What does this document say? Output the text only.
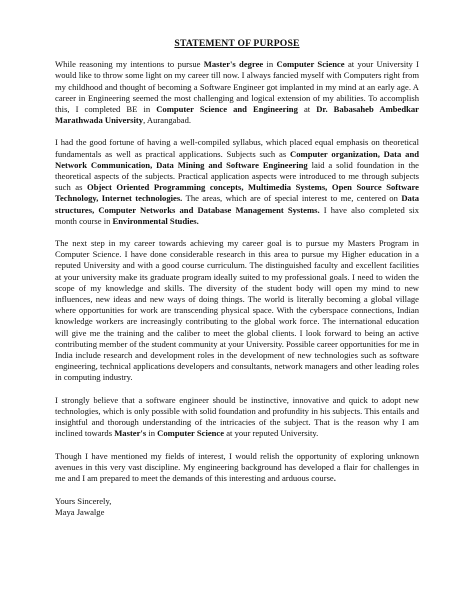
STATEMENT OF PURPOSE

While reasoning my intentions to pursue Master's degree in Computer Science at your University I would like to throw some light on my career till now. I always fancied myself with Computers right from my childhood and thought of becoming a Software Engineer got implanted in my mind at an early age. A career in Engineering seemed the most challenging and logical extension of my abilities. To accomplish this, I completed BE in Computer Science and Engineering at Dr. Babasaheb Ambedkar Marathwada University, Aurangabad.

I had the good fortune of having a well-compiled syllabus, which placed equal emphasis on theoretical fundamentals as well as practical applications. Subjects such as Computer organization, Data and Network Communication, Data Mining and Software Engineering laid a solid foundation in the theoretical aspects of the subjects. Practical application aspects were introduced to me through subjects such as Object Oriented Programming concepts, Multimedia Systems, Open Source Software Technology, Internet technologies. The areas, which are of special interest to me, centered on Data structures, Computer Networks and Database Management Systems. I have also completed six month course in Environmental Studies.

The next step in my career towards achieving my career goal is to pursue my Masters Program in Computer Science. I have done considerable research in this area to pursue my Higher education in a reputed University and with a good course curriculum. The distinguished faculty and excellent facilities at your university make its graduate program ideally suited to my professional goals. I need to widen the scope of my knowledge and skills. The diversity of the student body will open my mind to new influences, new ideas and new ways of doing things. The world is literally becoming a global village where opportunities for work are transcending physical space. With the cyberspace connections, Indian knowledge workers are increasingly contributing to the global work force. The international education will give me the training and the caliber to meet the global clients. I look forward to being an active contributing member of the student community at your University. Possible career opportunities for me in India include research and development roles in the development of new technologies such as software engineering, technical applications developers and consultants, network managers and other leading roles in computing industry.

I strongly believe that a software engineer should be instinctive, innovative and quick to adopt new technologies, which is only possible with solid foundation and profundity in his subjects. This entails and insightful and thorough understanding of the intricacies of the subject. That is the reason why I am inclined towards Master's in Computer Science at your reputed University.

Though I have mentioned my fields of interest, I would relish the opportunity of exploring unknown avenues in this very vast discipline. My engineering background has developed a flair for challenges in me and I am prepared to meet the demands of this interesting and arduous course.

Yours Sincerely,

Maya Jawalge
